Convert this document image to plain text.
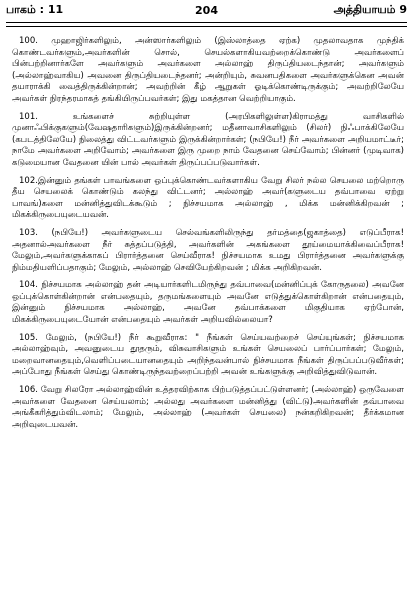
பாகம் : 11	204	அத்தியாயம் 9

100. முஹாஜிர்களிலும், அன்ஸார்களிலும் (இஸ்லாத்தை ஏற்க) முதலாவதாக முந்திக் கொண்டவர்களும்,அவர்களின் சொல், செயல்களாகியவற்றைக்கொண்டு அவர்களைப் பின்பற்றினார்களே அவர்களும் அவர்களை அல்லாஹ் திருப்தியடைந்தான்; அவர்களும் (அல்லாஹ்வாகிய) அவனை திருப்தியடைந்தனர்; அன்றியும், சுவனபதிகளை அவர்களுக்கென அவன் தயாராக்கி வைத்திருக்கின்றான்; அவற்றின் கீழ் ஆறுகள் ஓடிக்கொண்டிருக்கும்; அவற்றிலேயே அவர்கள் நிரந்தரமாகத் தங்கியிருப்பவர்கள்; இது மகத்தான வெற்றியாகும்.

101. உங்களைச் சுற்றியுள்ள (அரபிகளிலுள்ள)கிராமத்து வாசிகளில் முனாஃபிக்குகளும்(வேஷதாரிகளும்)இருக்கின்றனர்; மதீனாவாசிகளிலும் (சிலர்) நிஃபாக்கிலேயே (கபடத்திலேயே) நிலைத்து விட்டவர்களும் இருக்கின்றார்கள்; (நபியே!) நீர் அவர்களை அறியமாட்டீர்; நாமே அவர்களை அறிவோம்; அவர்களை இரு முறை நாம் வேதனை செய்வோம்; பின்னர் (முடிவாக) கடுமையான வேதனை யின் பால் அவர்கள் திருப்பப்படுவார்கள்.

102.இன்னும் தங்கள் பாவங்களை ஒப்புக்கொண்டவர்களாகிய வேறு சிலர் நல்ல செயலை மற்றொரு தீய செயலைக் கொண்டும் கலந்து விட்டனர்; அல்லாஹ் அவர்(களுடைய தவ்பாவை ஏற்று பாவங்)களை மன்னித்துவிடக்கூடும் ; நிச்சயமாக அல்லாஹ் , மிக்க மன்னிக்கிறவன் ; மிகக்கிருபையுடையவன்.

103. (நபியே!) அவர்களுடைய செல்வங்களிலிருந்து தர்மத்தை(ஜகாத்தை) எடுப்பீராக! அதனால்அவர்களை நீர் சுத்தப்படுத்தி, அவர்களின் அகங்களை தூய்மையாக்கிவைப்பீராக! மேலும்,அவர்களுக்காகப் பிரார்த்தனை செய்வீராக! நிச்சயமாக உமது பிரார்த்தனை அவர்களுக்கு நிம்மதியளிப்பதாகும்; மேலும், அல்லாஹ் செவியேற்கிறவன் ; மிக்க அறிகிறவன்.

104. நிச்சயமாக அல்லாஹ் தன் அடியார்களிடமிருந்து தவ்பாவை(மன்னிப்புக் கோருதலை) அவனே ஒப்புக்கொள்கின்றான் என்பதையும், தருமங்களையும் அவனே எடுத்துக்கொள்கிறான் என்பதையும், இன்னும் நிச்சயமாக அல்லாஹ், அவனே தவ்பாக்களை மிகுதியாக ஏற்போன், மிகக்கிருபையுடையோன் என்பதையும் அவர்கள் அறியவில்லையா?

105. மேலும், (நபியே!) நீர் கூறுவீராக: " நீங்கள் செய்யவற்றைச் செய்யுங்கள்; நிச்சயமாக அல்லாஹ்வும், அவனுடைய தூதரும், விசுவாசிகளும் உங்கள் செயலைப் பார்ப்பார்கள்; மேலும், மறைவானதையும்,வெளிப்படையானதையும் அறிந்தவன்பால் நிச்சயமாக நீங்கள் திருப்பப்படுவீர்கள்; அப்போது நீங்கள் செய்து கொண்டிருந்தவற்றைப்பற்றி அவன் உங்களுக்கு அறிவித்துவிடுவான்.

106. வேறு சிலரோ அல்லாஹ்வின் உத்தரவிற்காக பிற்படுத்தப்பட்டுள்ளனர்; (அல்லாஹ்) ஒருவேளை அவர்களை வேதனை செய்யலாம்; அல்லது அவர்களை மன்னித்து (விட்டு)அவர்களின் தவ்பாவை அங்கீகரித்தும்விடலாம்; மேலும், அல்லாஹ் (அவர்கள் செயலை) நன்கறிகிறவன்; தீர்க்கமான அறிவுடையவன்.
